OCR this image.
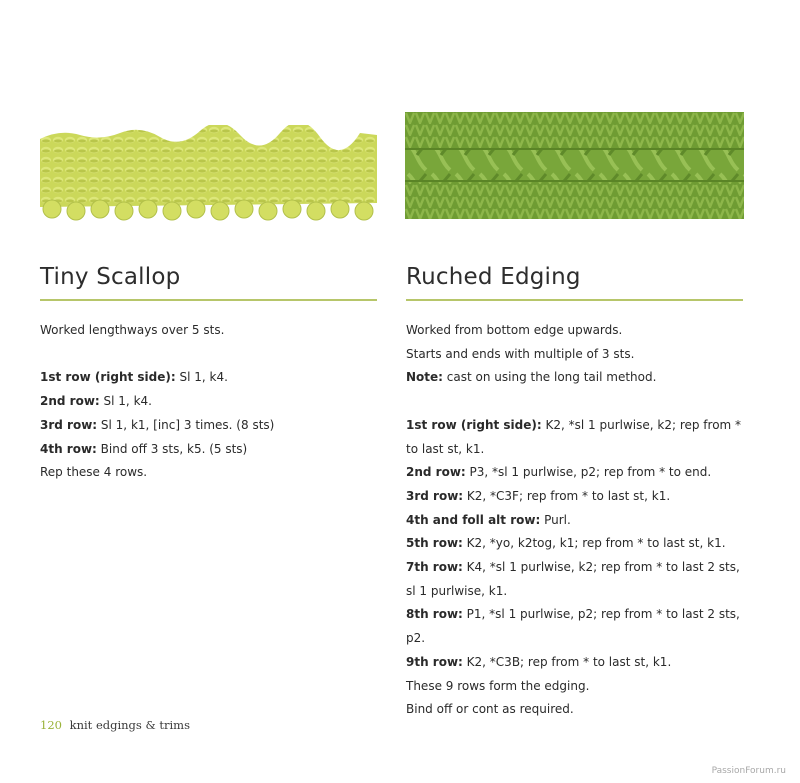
Tiny Scallop

Worked lengthways over 5 sts.

1st row (right side): Sl 1, k4.

2nd row: Sl 1, k4.

3rd row: Sl 1, k1, [inc] 3 times. (8 sts)

4th row: Bind off 3 sts, k5. (5 sts)

Rep these 4 rows.

Ruched Edging

Worked from bottom edge upwards.

Starts and ends with multiple of 3 sts.

Note: cast on using the long tail method.

1st row (right side): K2, *sl 1 purlwise, k2; rep from * to last st, k1.

2nd row: P3, *sl 1 purlwise, p2; rep from * to end.

3rd row: K2, *C3F; rep from * to last st, k1.

4th and foll alt row: Purl.

5th row: K2, *yo, k2tog, k1; rep from * to last st, k1.

7th row: K4, *sl 1 purlwise, k2; rep from * to last 2 sts, sl 1 purlwise, k1.

8th row: P1, *sl 1 purlwise, p2; rep from * to last 2 sts, p2.

9th row: K2, *C3B; rep from * to last st, k1.

These 9 rows form the edging.

Bind off or cont as required.

120 knit edgings & trims
PassionForum.ru
